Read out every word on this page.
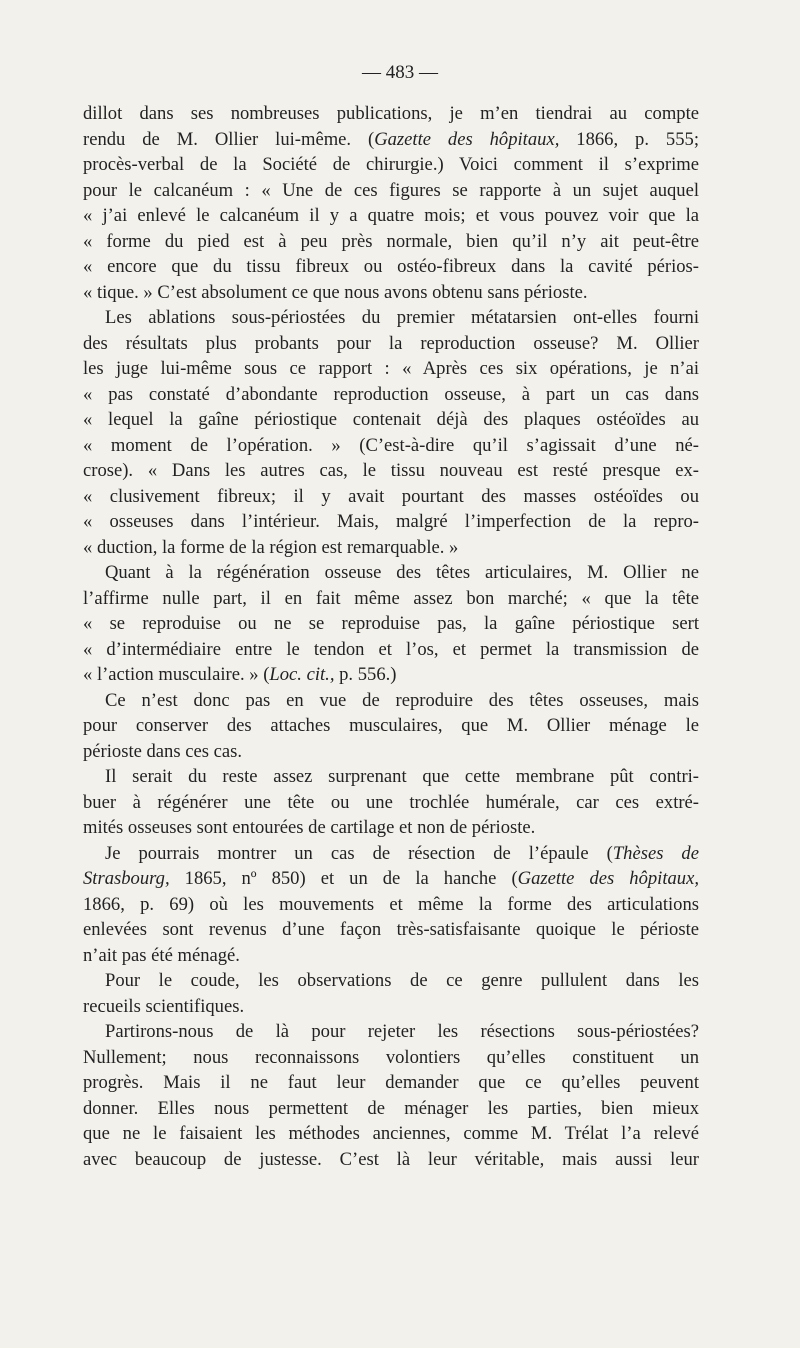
— 483 —
dillot dans ses nombreuses publications, je m’en tiendrai au compte
rendu de M. Ollier lui-même. (Gazette des hôpitaux, 1866, p. 555;
procès-verbal de la Société de chirurgie.) Voici comment il s’exprime
pour le calcanéum : « Une de ces figures se rapporte à un sujet auquel
« j’ai enlevé le calcanéum il y a quatre mois; et vous pouvez voir que la
« forme du pied est à peu près normale, bien qu’il n’y ait peut-être
« encore que du tissu fibreux ou ostéo-fibreux dans la cavité périos-
« tique. » C’est absolument ce que nous avons obtenu sans périoste.
Les ablations sous-périostées du premier métatarsien ont-elles fourni
des résultats plus probants pour la reproduction osseuse? M. Ollier
les juge lui-même sous ce rapport : « Après ces six opérations, je n’ai
« pas constaté d’abondante reproduction osseuse, à part un cas dans
« lequel la gaîne périostique contenait déjà des plaques ostéoïdes au
« moment de l’opération. » (C’est-à-dire qu’il s’agissait d’une né-
crose). « Dans les autres cas, le tissu nouveau est resté presque ex-
« clusivement fibreux; il y avait pourtant des masses ostéoïdes ou
« osseuses dans l’intérieur. Mais, malgré l’imperfection de la repro-
« duction, la forme de la région est remarquable. »
Quant à la régénération osseuse des têtes articulaires, M. Ollier ne
l’affirme nulle part, il en fait même assez bon marché; « que la tête
« se reproduise ou ne se reproduise pas, la gaîne périostique sert
« d’intermédiaire entre le tendon et l’os, et permet la transmission de
« l’action musculaire. » (Loc. cit., p. 556.)
Ce n’est donc pas en vue de reproduire des têtes osseuses, mais
pour conserver des attaches musculaires, que M. Ollier ménage le
périoste dans ces cas.
Il serait du reste assez surprenant que cette membrane pût contri-
buer à régénérer une tête ou une trochlée humérale, car ces extré-
mités osseuses sont entourées de cartilage et non de périoste.
Je pourrais montrer un cas de résection de l’épaule (Thèses de
Strasbourg, 1865, nº 850) et un de la hanche (Gazette des hôpitaux,
1866, p. 69) où les mouvements et même la forme des articulations
enlevées sont revenus d’une façon très-satisfaisante quoique le périoste
n’ait pas été ménagé.
Pour le coude, les observations de ce genre pullulent dans les
recueils scientifiques.
Partirons-nous de là pour rejeter les résections sous-périostées?
Nullement; nous reconnaissons volontiers qu’elles constituent un
progrès. Mais il ne faut leur demander que ce qu’elles peuvent
donner. Elles nous permettent de ménager les parties, bien mieux
que ne le faisaient les méthodes anciennes, comme M. Trélat l’a relevé
avec beaucoup de justesse. C’est là leur véritable, mais aussi leur
